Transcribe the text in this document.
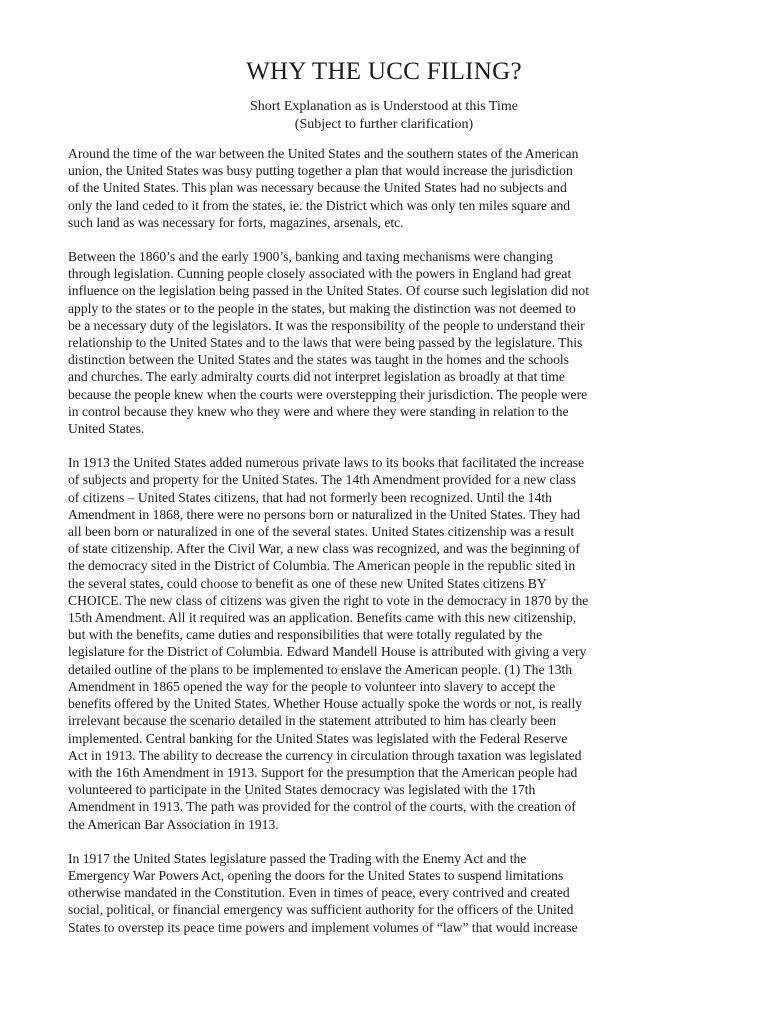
WHY THE UCC FILING?
Short Explanation as is Understood at this Time
(Subject to further clarification)
Around the time of the war between the United States and the southern states of the American
union, the United States was busy putting together a plan that would increase the jurisdiction
of the United States. This plan was necessary because the United States had no subjects and
only the land ceded to it from the states, ie. the District which was only ten miles square and
such land as was necessary for forts, magazines, arsenals, etc.
Between the 1860’s and the early 1900’s, banking and taxing mechanisms were changing
through legislation. Cunning people closely associated with the powers in England had great
influence on the legislation being passed in the United States. Of course such legislation did not
apply to the states or to the people in the states, but making the distinction was not deemed to
be a necessary duty of the legislators. It was the responsibility of the people to understand their
relationship to the United States and to the laws that were being passed by the legislature. This
distinction between the United States and the states was taught in the homes and the schools
and churches. The early admiralty courts did not interpret legislation as broadly at that time
because the people knew when the courts were overstepping their jurisdiction. The people were
in control because they knew who they were and where they were standing in relation to the
United States.
In 1913 the United States added numerous private laws to its books that facilitated the increase
of subjects and property for the United States. The 14th Amendment provided for a new class
of citizens – United States citizens, that had not formerly been recognized. Until the 14th
Amendment in 1868, there were no persons born or naturalized in the United States. They had
all been born or naturalized in one of the several states. United States citizenship was a result
of state citizenship. After the Civil War, a new class was recognized, and was the beginning of
the democracy sited in the District of Columbia. The American people in the republic sited in
the several states, could choose to benefit as one of these new United States citizens BY
CHOICE. The new class of citizens was given the right to vote in the democracy in 1870 by the
15th Amendment. All it required was an application. Benefits came with this new citizenship,
but with the benefits, came duties and responsibilities that were totally regulated by the
legislature for the District of Columbia. Edward Mandell House is attributed with giving a very
detailed outline of the plans to be implemented to enslave the American people. (1) The 13th
Amendment in 1865 opened the way for the people to volunteer into slavery to accept the
benefits offered by the United States. Whether House actually spoke the words or not, is really
irrelevant because the scenario detailed in the statement attributed to him has clearly been
implemented. Central banking for the United States was legislated with the Federal Reserve
Act in 1913. The ability to decrease the currency in circulation through taxation was legislated
with the 16th Amendment in 1913. Support for the presumption that the American people had
volunteered to participate in the United States democracy was legislated with the 17th
Amendment in 1913. The path was provided for the control of the courts, with the creation of
the American Bar Association in 1913.
In 1917 the United States legislature passed the Trading with the Enemy Act and the
Emergency War Powers Act, opening the doors for the United States to suspend limitations
otherwise mandated in the Constitution. Even in times of peace, every contrived and created
social, political, or financial emergency was sufficient authority for the officers of the United
States to overstep its peace time powers and implement volumes of “law” that would increase
